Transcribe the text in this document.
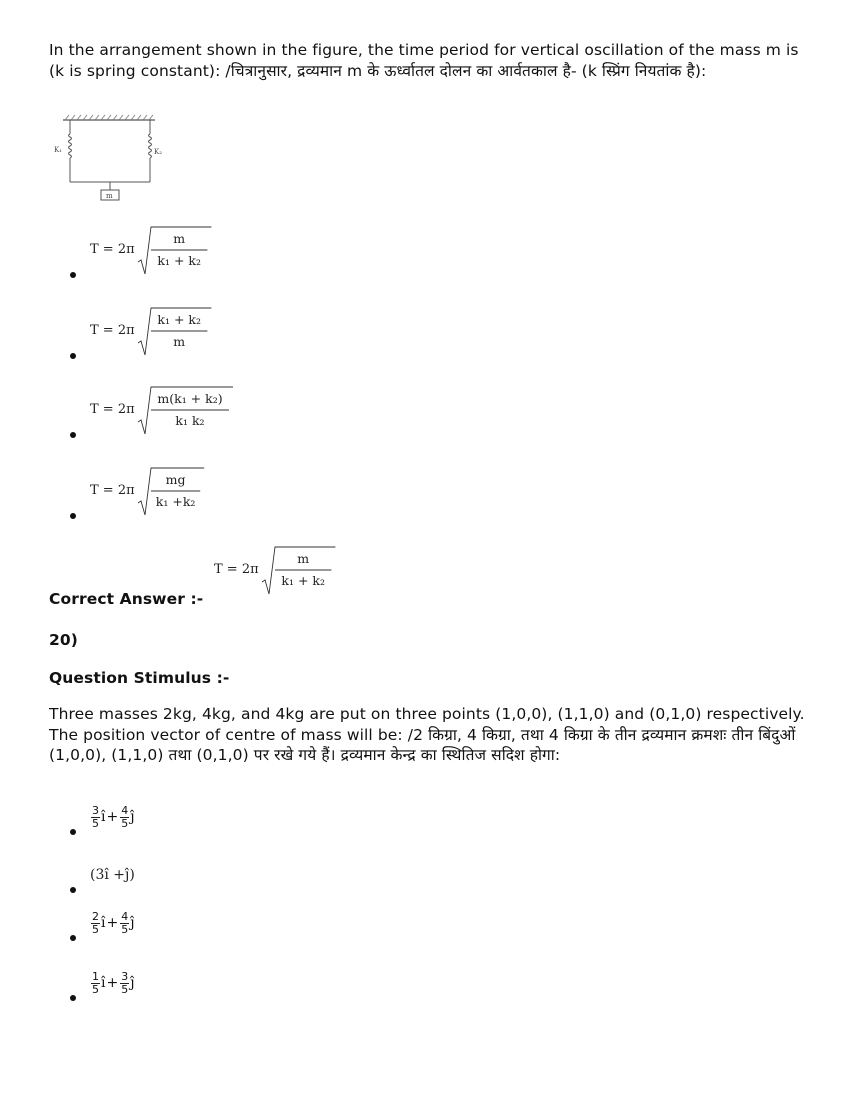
In the arrangement shown in the figure, the time period for vertical oscillation of the mass m is (k is spring constant): /चित्रानुसार, द्रव्यमान m के ऊर्ध्वातल दोलन का आर्वतकाल है- (k स्प्रिंग नियतांक है):
K₁	K₂
m
T = 2π
m
k₁ + k₂
T = 2π
k₁ + k₂
m
T = 2π
m(k₁ + k₂)
k₁ k₂
T = 2π
mg
k₁ +k₂
Correct Answer :-
T = 2π
m
k₁ + k₂
20)
Question Stimulus :-
Three masses 2kg, 4kg, and 4kg are put on three points (1,0,0), (1,1,0) and (0,1,0) respectively. The position vector of centre of mass will be: /2 किग्रा, 4 किग्रा, तथा 4 किग्रा के तीन द्रव्यमान क्रमशः तीन बिंदुओं (1,0,0), (1,1,0) तथा (0,1,0) पर रखे गये हैं। द्रव्यमान केन्द्र का स्थितिज सदिश होगा:
$\frac{3}{5}$ î + $\frac{4}{5}$ ĵ
(3î +ĵ)
$\frac{2}{5}$ î + $\frac{4}{5}$ ĵ
$\frac{1}{5}$ î + $\frac{3}{5}$ ĵ
